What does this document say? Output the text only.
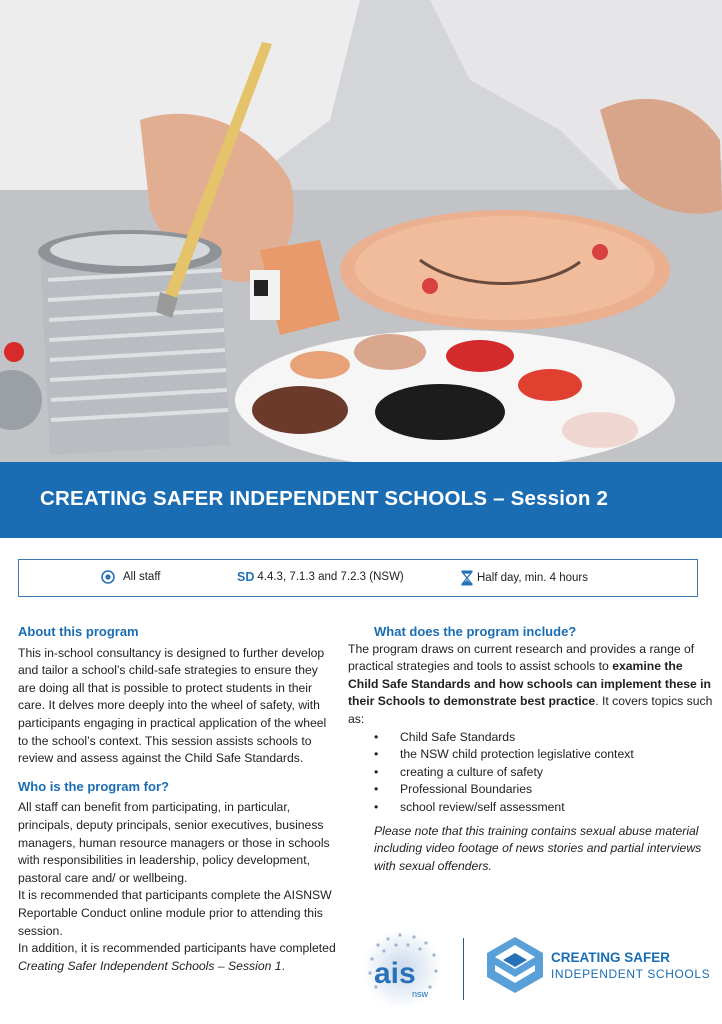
CREATING SAFER INDEPENDENT SCHOOLS – Session 2
All staff	SD 4.4.3, 7.1.3 and 7.2.3 (NSW)	Half day, min. 4 hours

About this program

This in-school consultancy is designed to further develop and tailor a school’s child-safe strategies to ensure they are doing all that is possible to protect students in their care. It delves more deeply into the wheel of safety, with participants engaging in practical application of the wheel to the school’s context. This session assists schools to review and assess against the Child Safe Standards.

Who is the program for?

All staff can benefit from participating, in particular, principals, deputy principals, senior executives, business managers, human resource managers or those in schools with responsibilities in leadership, policy development, pastoral care and/ or wellbeing.

It is recommended that participants complete the AISNSW Reportable Conduct online module prior to attending this session.

In addition, it is recommended participants have completed Creating Safer Independent Schools – Session 1.

What does the program include?

The program draws on current research and provides a range of practical strategies and tools to assist schools to examine the Child Safe Standards and how schools can implement these in their Schools to demonstrate best practice. It covers topics such as:

• Child Safe Standards
• the NSW child protection legislative context
• creating a culture of safety
• Professional Boundaries
• school review/self assessment

Please note that this training contains sexual abuse material including video footage of news stories and partial interviews with sexual offenders.

ais
nsw
CREATING SAFER
INDEPENDENT SCHOOLS
